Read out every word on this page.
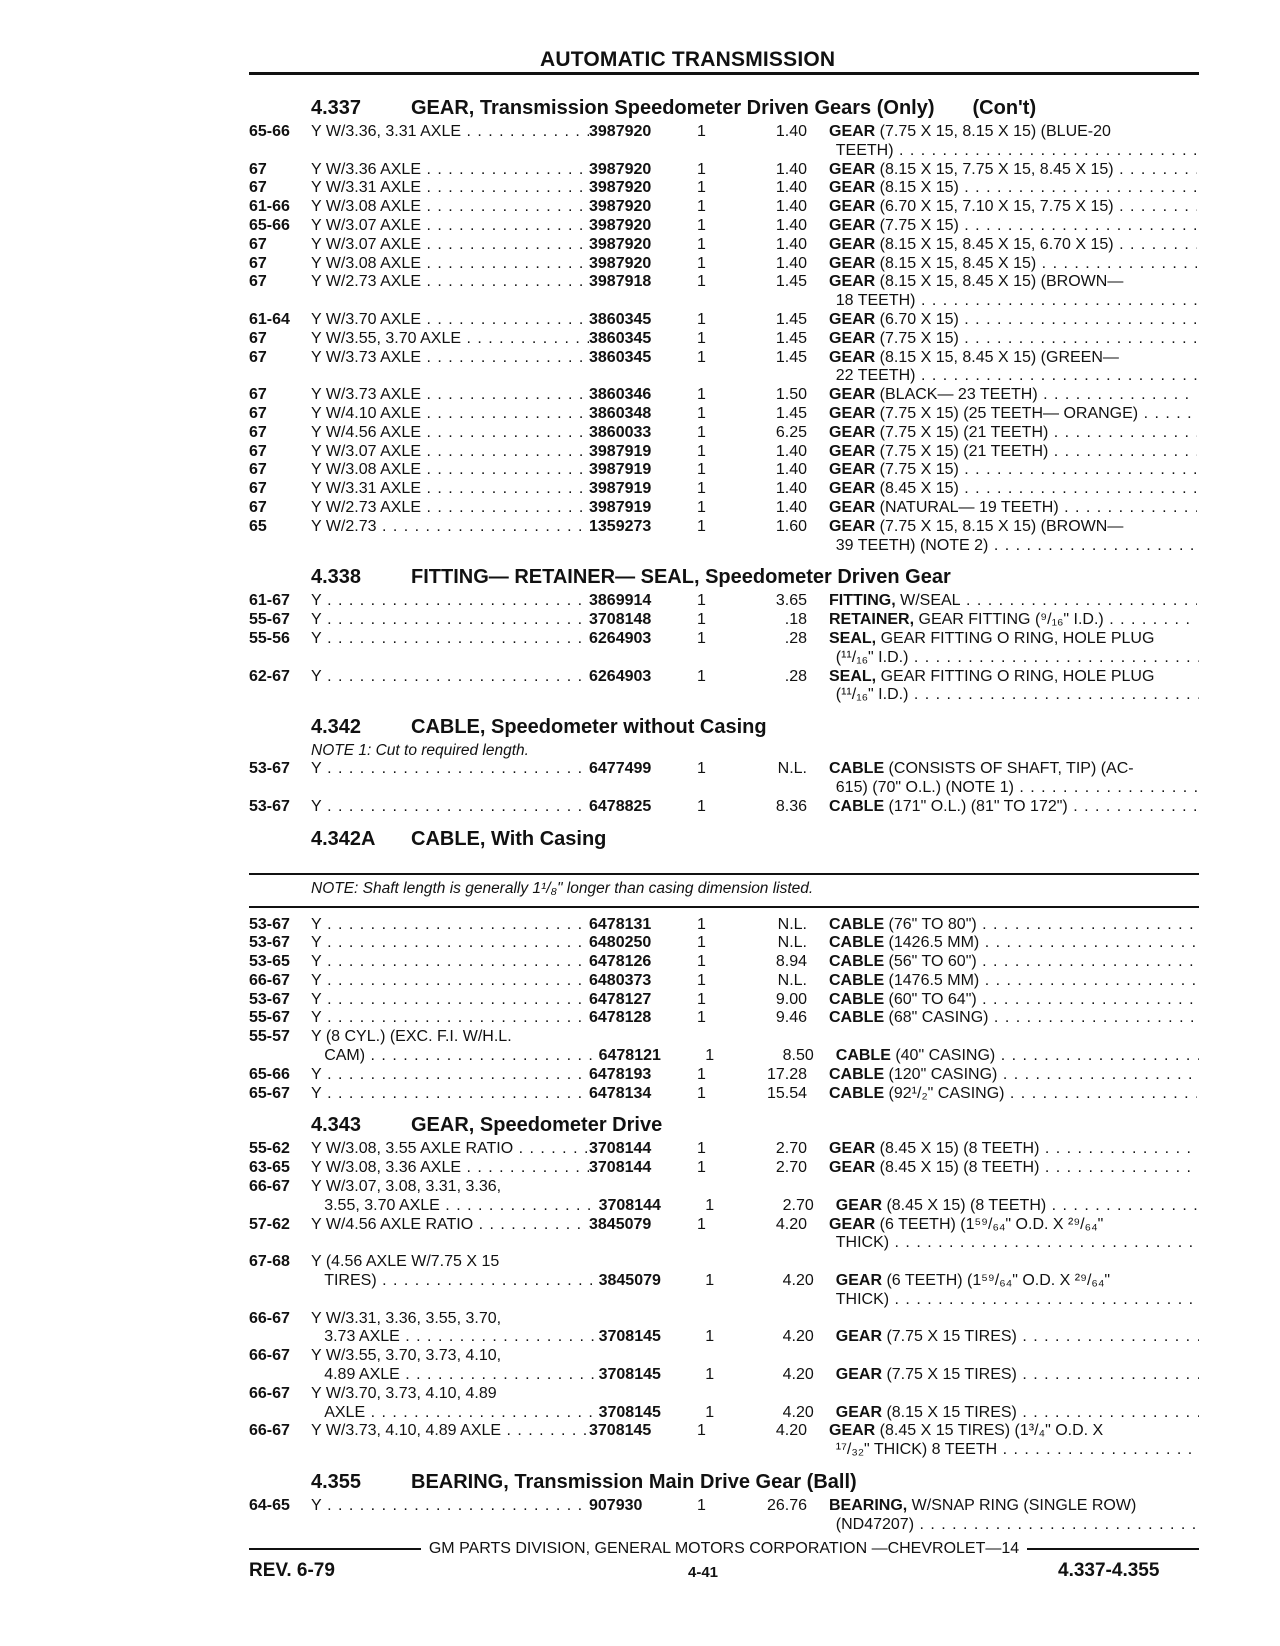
AUTOMATIC TRANSMISSION
4.337	GEAR, Transmission Speedometer Driven Gears (Only) (Con't)
65-66	Y W/3.36, 3.31 AXLE . . .	3987920	1	1.40 GEAR (7.75 X 15, 8.15 X 15) (BLUE-20
TEETH) . . .
67	Y W/3.36 AXLE . . .	3987920	1	1.40 GEAR (8.15 X 15, 7.75 X 15, 8.45 X 15) . . .
67	Y W/3.31 AXLE . . .	3987920	1	1.40 GEAR (8.15 X 15) . . .
61-66	Y W/3.08 AXLE . . .	3987920	1	1.40 GEAR (6.70 X 15, 7.10 X 15, 7.75 X 15) . . .
65-66	Y W/3.07 AXLE . . .	3987920	1	1.40 GEAR (7.75 X 15) . . .
67	Y W/3.07 AXLE . . .	3987920	1	1.40 GEAR (8.15 X 15, 8.45 X 15, 6.70 X 15) . . .
67	Y W/3.08 AXLE . . .	3987920	1	1.40 GEAR (8.15 X 15, 8.45 X 15) . . .
67	Y W/2.73 AXLE . . .	3987918	1	1.45 GEAR (8.15 X 15, 8.45 X 15) (BROWN—
18 TEETH) . . .
61-64	Y W/3.70 AXLE . . .	3860345	1	1.45 GEAR (6.70 X 15) . . .
67	Y W/3.55, 3.70 AXLE . . .	3860345	1	1.45 GEAR (7.75 X 15) . . .
67	Y W/3.73 AXLE . . .	3860345	1	1.45 GEAR (8.15 X 15, 8.45 X 15) (GREEN—
22 TEETH) . . .
67	Y W/3.73 AXLE . . .	3860346	1	1.50 GEAR (BLACK— 23 TEETH) . . .
67	Y W/4.10 AXLE . . .	3860348	1	1.45 GEAR (7.75 X 15) (25 TEETH— ORANGE) . . .
67	Y W/4.56 AXLE . . .	3860033	1	6.25 GEAR (7.75 X 15) (21 TEETH) . . .
67	Y W/3.07 AXLE . . .	3987919	1	1.40 GEAR (7.75 X 15) (21 TEETH) . . .
67	Y W/3.08 AXLE . . .	3987919	1	1.40 GEAR (7.75 X 15) . . .
67	Y W/3.31 AXLE . . .	3987919	1	1.40 GEAR (8.45 X 15) . . .
67	Y W/2.73 AXLE . . .	3987919	1	1.40 GEAR (NATURAL— 19 TEETH) . . .
65	Y W/2.73 . . .	1359273	1	1.60 GEAR (7.75 X 15, 8.15 X 15) (BROWN—
39 TEETH) (NOTE 2) . . .
4.338	FITTING— RETAINER— SEAL, Speedometer Driven Gear
61-67	Y . . .	3869914	1	3.65 FITTING, W/SEAL . . .
55-67	Y . . .	3708148	1	.18 RETAINER, GEAR FITTING (⁹/₁₆" I.D.) . . .
55-56	Y . . .	6264903	1	.28 SEAL, GEAR FITTING O RING, HOLE PLUG
(¹¹/₁₆" I.D.) . . .
62-67	Y . . .	6264903	1	.28 SEAL, GEAR FITTING O RING, HOLE PLUG
(¹¹/₁₆" I.D.) . . .
4.342	CABLE, Speedometer without Casing
NOTE 1: Cut to required length.
53-67	Y . . .	6477499	1	N.L. CABLE (CONSISTS OF SHAFT, TIP) (AC-
615) (70" O.L.) (NOTE 1) . . .
53-67	Y . . .	6478825	1	8.36 CABLE (171" O.L.) (81" TO 172") . . .
4.342A	CABLE, With Casing
NOTE: Shaft length is generally 1¹/₈" longer than casing dimension listed.
53-67	Y . . .	6478131	1	N.L. CABLE (76" TO 80") . . .
53-67	Y . . .	6480250	1	N.L. CABLE (1426.5 MM) . . .
53-65	Y . . .	6478126	1	8.94 CABLE (56" TO 60") . . .
66-67	Y . . .	6480373	1	N.L. CABLE (1476.5 MM) . . .
53-67	Y . . .	6478127	1	9.00 CABLE (60" TO 64") . . .
55-67	Y . . .	6478128	1	9.46 CABLE (68" CASING) . . .
55-57	Y (8 CYL.) (EXC. F.I. W/H.L.
CAM) . . .	6478121	1	8.50 CABLE (40" CASING) . . .
65-66	Y . . .	6478193	1	17.28 CABLE (120" CASING) . . .
65-67	Y . . .	6478134	1	15.54 CABLE (92¹/₂" CASING) . . .
4.343	GEAR, Speedometer Drive
55-62	Y W/3.08, 3.55 AXLE RATIO . . .	3708144	1	2.70 GEAR (8.45 X 15) (8 TEETH) . . .
63-65	Y W/3.08, 3.36 AXLE . . .	3708144	1	2.70 GEAR (8.45 X 15) (8 TEETH) . . .
66-67	Y W/3.07, 3.08, 3.31, 3.36,
3.55, 3.70 AXLE . . .	3708144	1	2.70 GEAR (8.45 X 15) (8 TEETH) . . .
57-62	Y W/4.56 AXLE RATIO . . .	3845079	1	4.20 GEAR (6 TEETH) (1⁵⁹/₆₄" O.D. X ²⁹/₆₄"
THICK) . . .
67-68	Y (4.56 AXLE W/7.75 X 15
TIRES) . . .	3845079	1	4.20 GEAR (6 TEETH) (1⁵⁹/₆₄" O.D. X ²⁹/₆₄"
THICK) . . .
66-67	Y W/3.31, 3.36, 3.55, 3.70,
3.73 AXLE . . .	3708145	1	4.20 GEAR (7.75 X 15 TIRES) . . .
66-67	Y W/3.55, 3.70, 3.73, 4.10,
4.89 AXLE . . .	3708145	1	4.20 GEAR (7.75 X 15 TIRES) . . .
66-67	Y W/3.70, 3.73, 4.10, 4.89
AXLE . . .	3708145	1	4.20 GEAR (8.15 X 15 TIRES) . . .
66-67	Y W/3.73, 4.10, 4.89 AXLE . . .	3708145	1	4.20 GEAR (8.45 X 15 TIRES) (1³/₄" O.D. X
¹⁷/₃₂" THICK) 8 TEETH . . .
4.355	BEARING, Transmission Main Drive Gear (Ball)
64-65	Y . . .	907930	1	26.76 BEARING, W/SNAP RING (SINGLE ROW)
(ND47207) . . .
GM PARTS DIVISION, GENERAL MOTORS CORPORATION —CHEVROLET—14
REV. 6-79	4-41	4.337-4.355
